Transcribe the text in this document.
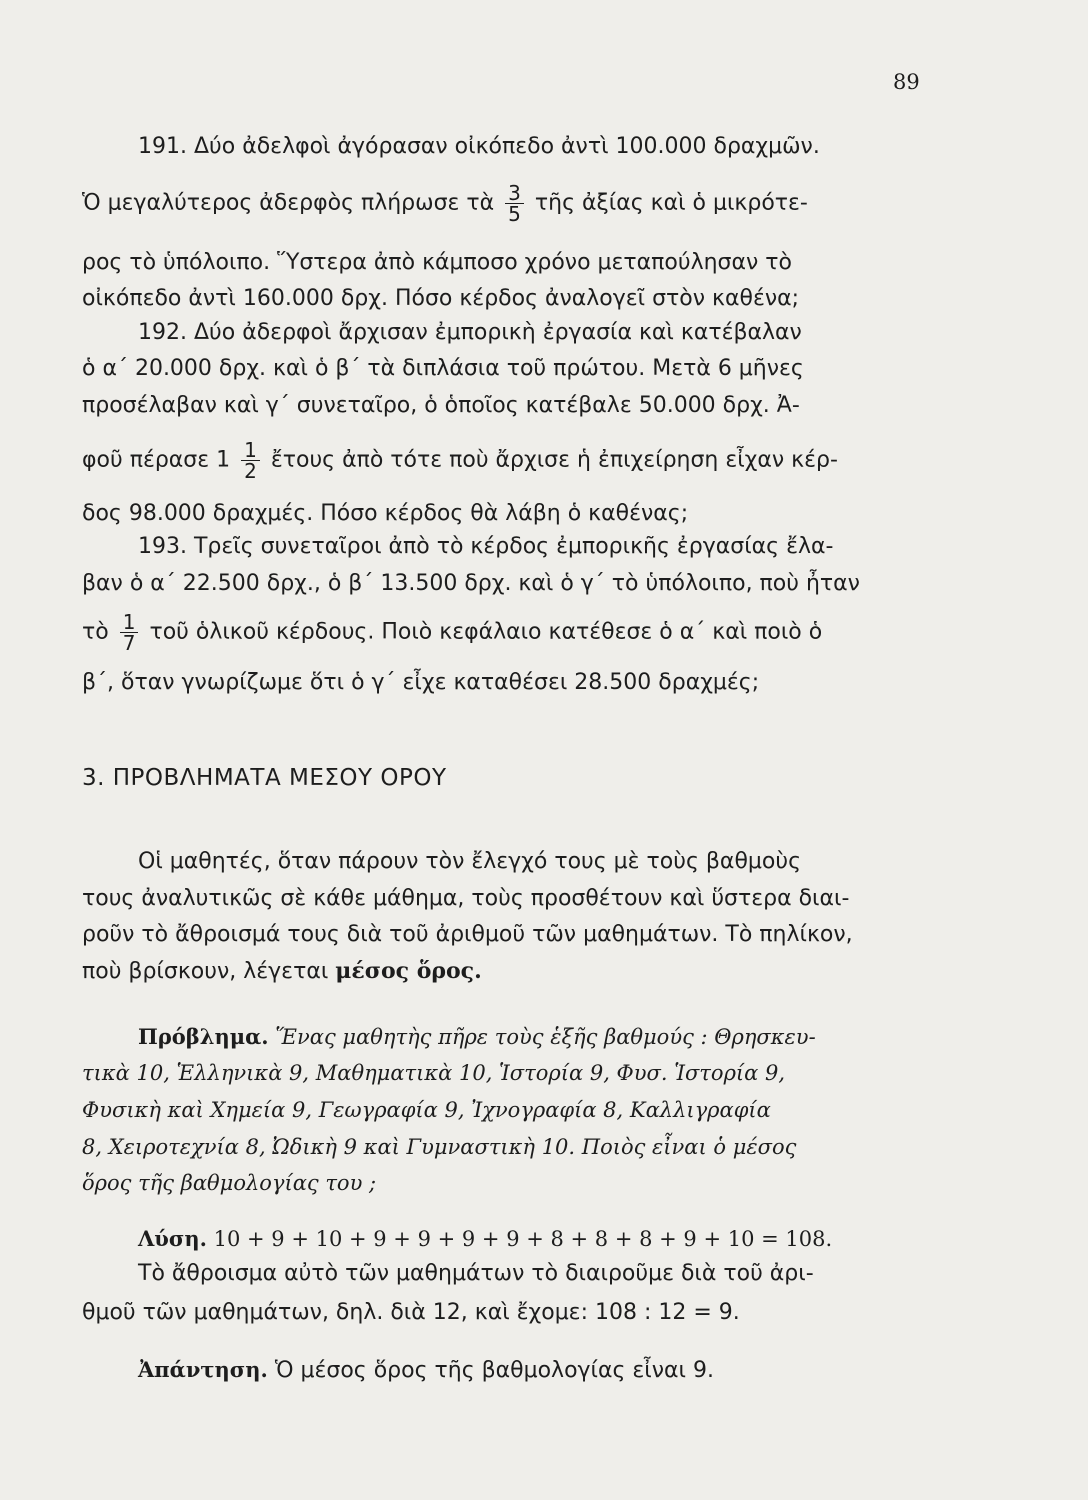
89
191. Δύο ἀδελφοὶ ἀγόρασαν οἰκόπεδο ἀντὶ 100.000 δραχμῶν.
Ὁ μεγαλύτερος ἀδερφὸς πλήρωσε τὰ $\frac{3}{5}$ τῆς ἀξίας καὶ ὁ μικρότε-
ρος τὸ ὑπόλοιπο. Ὕστερα ἀπὸ κάμποσο χρόνο μεταπούλησαν τὸ
οἰκόπεδο ἀντὶ 160.000 δρχ. Πόσο κέρδος ἀναλογεῖ στὸν καθένα;
192. Δύο ἀδερφοὶ ἄρχισαν ἐμπορικὴ ἐργασία καὶ κατέβαλαν
ὁ α΄ 20.000 δρχ. καὶ ὁ β΄ τὰ διπλάσια τοῦ πρώτου. Μετὰ 6 μῆνες
προσέλαβαν καὶ γ΄ συνεταῖρο, ὁ ὁποῖος κατέβαλε 50.000 δρχ. Ἀ-
φοῦ πέρασε $1 \frac{1}{2}$ ἔτους ἀπὸ τότε ποὺ ἄρχισε ἡ ἐπιχείρηση εἶχαν κέρ-
δος 98.000 δραχμές. Πόσο κέρδος θὰ λάβη ὁ καθένας;
193. Τρεῖς συνεταῖροι ἀπὸ τὸ κέρδος ἐμπορικῆς ἐργασίας ἔλα-
βαν ὁ α΄ 22.500 δρχ., ὁ β΄ 13.500 δρχ. καὶ ὁ γ΄ τὸ ὑπόλοιπο, ποὺ ἦταν
τὸ $\frac{1}{7}$ τοῦ ὁλικοῦ κέρδους. Ποιὸ κεφάλαιο κατέθεσε ὁ α΄ καὶ ποιὸ ὁ
β΄, ὅταν γνωρίζωμε ὅτι ὁ γ΄ εἶχε καταθέσει 28.500 δραχμές;
3. ΠΡΟΒΛΗΜΑΤΑ ΜΕΣΟΥ ΟΡΟΥ
Οἱ μαθητές, ὅταν πάρουν τὸν ἔλεγχό τους μὲ τοὺς βαθμοὺς
τους ἀναλυτικῶς σὲ κάθε μάθημα, τοὺς προσθέτουν καὶ ὕστερα διαι-
ροῦν τὸ ἄθροισμά τους διὰ τοῦ ἀριθμοῦ τῶν μαθημάτων. Τὸ πηλίκον,
ποὺ βρίσκουν, λέγεται μέσος ὅρος.
Πρόβλημα. Ἕνας μαθητὴς πῆρε τοὺς ἑξῆς βαθμούς : Θρησκευ-
τικὰ 10, Ἑλληνικὰ 9, Μαθηματικὰ 10, Ἱστορία 9, Φυσ. Ἱστορία 9,
Φυσικὴ καὶ Χημεία 9, Γεωγραφία 9, Ἰχνογραφία 8, Καλλιγραφία
8, Χειροτεχνία 8, Ὠδικὴ 9 καὶ Γυμναστικὴ 10. Ποιὸς εἶναι ὁ μέσος
ὅρος τῆς βαθμολογίας του ;
Λύση. 10 + 9 + 10 + 9 + 9 + 9 + 9 + 8 + 8 + 8 + 9 + 10 = 108.
Τὸ ἄθροισμα αὐτὸ τῶν μαθημάτων τὸ διαιροῦμε διὰ τοῦ ἀρι-
θμοῦ τῶν μαθημάτων, δηλ. διὰ 12, καὶ ἔχομε: 108 : 12 = 9.
Ἀπάντηση. Ὁ μέσος ὅρος τῆς βαθμολογίας εἶναι 9.
